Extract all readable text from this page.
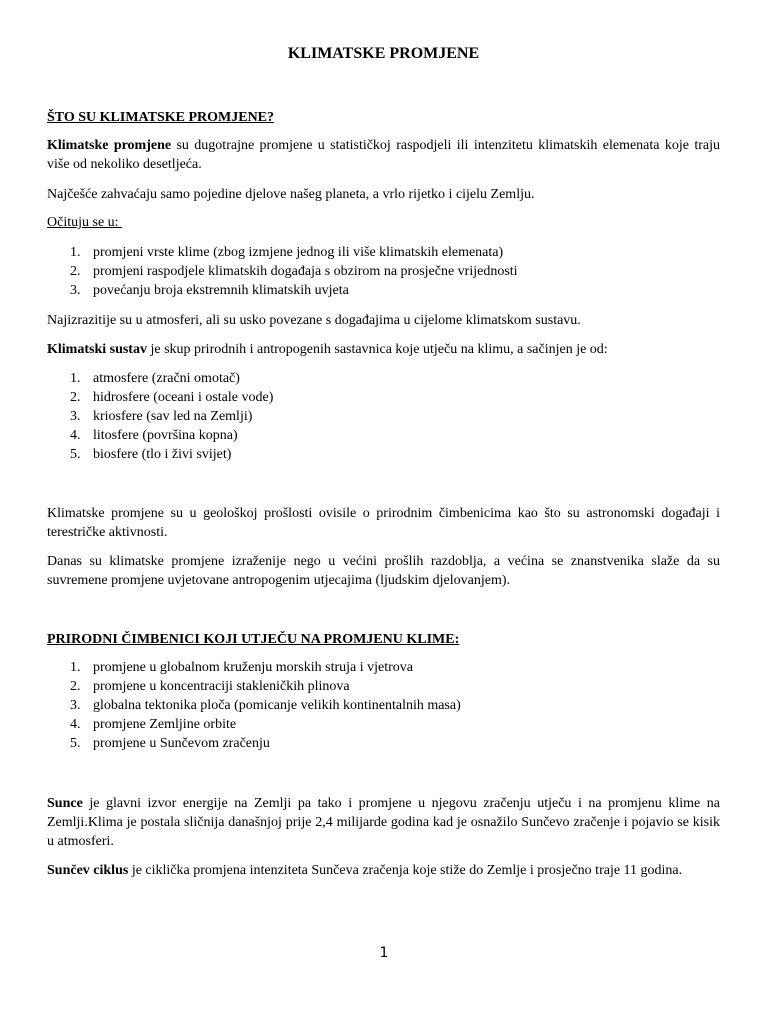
KLIMATSKE PROMJENE

ŠTO SU KLIMATSKE PROMJENE?

Klimatske promjene su dugotrajne promjene u statističkoj raspodjeli ili intenzitetu klimatskih elemenata koje traju više od nekoliko desetljeća.

Najčešće zahvaćaju samo pojedine djelove našeg planeta, a vrlo rijetko i cijelu Zemlju.

Očituju se u:

1. promjeni vrste klime (zbog izmjene jednog ili više klimatskih elemenata)
2. promjeni raspodjele klimatskih događaja s obzirom na prosječne vrijednosti
3. povećanju broja ekstremnih klimatskih uvjeta

Najizrazitije su u atmosferi, ali su usko povezane s događajima u cijelome klimatskom sustavu.

Klimatski sustav je skup prirodnih i antropogenih sastavnica koje utječu na klimu, a sačinjen je od:

1. atmosfere (zračni omotač)
2. hidrosfere (oceani i ostale vode)
3. kriosfere (sav led na Zemlji)
4. litosfere (površina kopna)
5. biosfere (tlo i živi svijet)

Klimatske promjene su u geološkoj prošlosti ovisile o prirodnim čimbenicima kao što su astronomski događaji i terestričke aktivnosti.

Danas su klimatske promjene izraženije nego u većini prošlih razdoblja, a većina se znanstvenika slaže da su suvremene promjene uvjetovane antropogenim utjecajima (ljudskim djelovanjem).

PRIRODNI ČIMBENICI KOJI UTJEČU NA PROMJENU KLIME:

1. promjene u globalnom kruženju morskih struja i vjetrova
2. promjene u koncentraciji stakleničkih plinova
3. globalna tektonika ploča (pomicanje velikih kontinentalnih masa)
4. promjene Zemljine orbite
5. promjene u Sunčevom zračenju

Sunce je glavni izvor energije na Zemlji pa tako i promjene u njegovu zračenju utječu i na promjenu klime na Zemlji.Klima je postala sličnija današnjoj prije 2,4 milijarde godina kad je osnažilo Sunčevo zračenje i pojavio se kisik u atmosferi.

Sunčev ciklus je ciklička promjena intenziteta Sunčeva zračenja koje stiže do Zemlje i prosječno traje 11 godina.

1
